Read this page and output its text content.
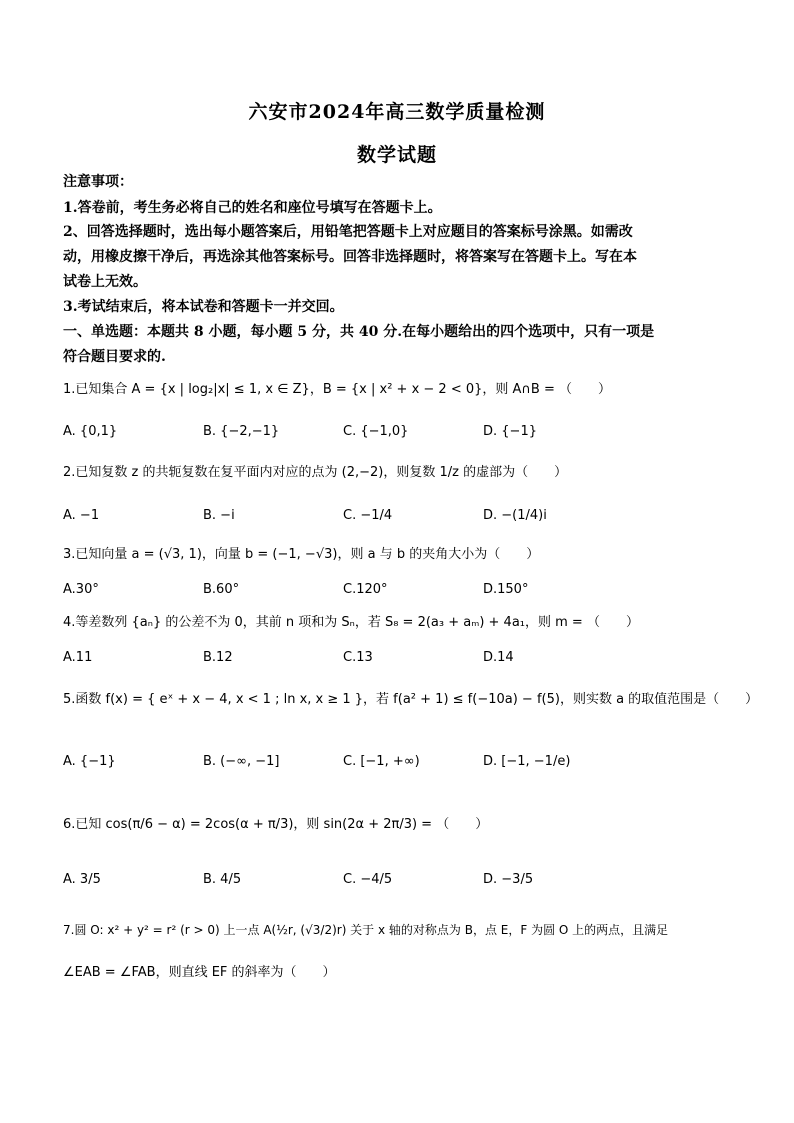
六安市2024年高三数学质量检测
数学试题
注意事项：
1.答卷前，考生务必将自己的姓名和座位号填写在答题卡上。
2、回答选择题时，选出每小题答案后，用铅笔把答题卡上对应题目的答案标号涂黑。如需改
动，用橡皮擦干净后，再选涂其他答案标号。回答非选择题时，将答案写在答题卡上。写在本
试卷上无效。
3.考试结束后，将本试卷和答题卡一并交回。
一、单选题：本题共 8 小题，每小题 5 分，共 40 分.在每小题给出的四个选项中，只有一项是
符合题目要求的.
1.已知集合 A = {x | log₂|x| ≤ 1, x ∈ Z}，B = {x | x² + x − 2 < 0}，则 A∩B = （　　）
A. {0,1}	B. {−2,−1}	C. {−1,0}	D. {−1}
2.已知复数 z 的共轭复数在复平面内对应的点为 (2,−2)，则复数 1/z 的虚部为（　　）
A. −1	B. −i	C. −1/4	D. −(1/4)i
3.已知向量 a = (√3, 1)，向量 b = (−1, −√3)，则 a 与 b 的夹角大小为（　　）
A.30°	B.60°	C.120°	D.150°
4.等差数列 {aₙ} 的公差不为 0，其前 n 项和为 Sₙ，若 S₈ = 2(a₃ + aₘ) + 4a₁，则 m = （　　）
A.11	B.12	C.13	D.14
5.函数 f(x) = { eˣ + x − 4, x < 1 ; ln x, x ≥ 1 }，若 f(a² + 1) ≤ f(−10a) − f(5)，则实数 a 的取值范围是（　　）
A. {−1}	B. (−∞, −1]	C. [−1, +∞)	D. [−1, −1/e)
6.已知 cos(π/6 − α) = 2cos(α + π/3)，则 sin(2α + 2π/3) = （　　）
A. 3/5	B. 4/5	C. −4/5	D. −3/5
7.圆 O: x² + y² = r² (r > 0) 上一点 A(½r, (√3/2)r) 关于 x 轴的对称点为 B，点 E，F 为圆 O 上的两点，且满足
∠EAB = ∠FAB，则直线 EF 的斜率为（　　）
